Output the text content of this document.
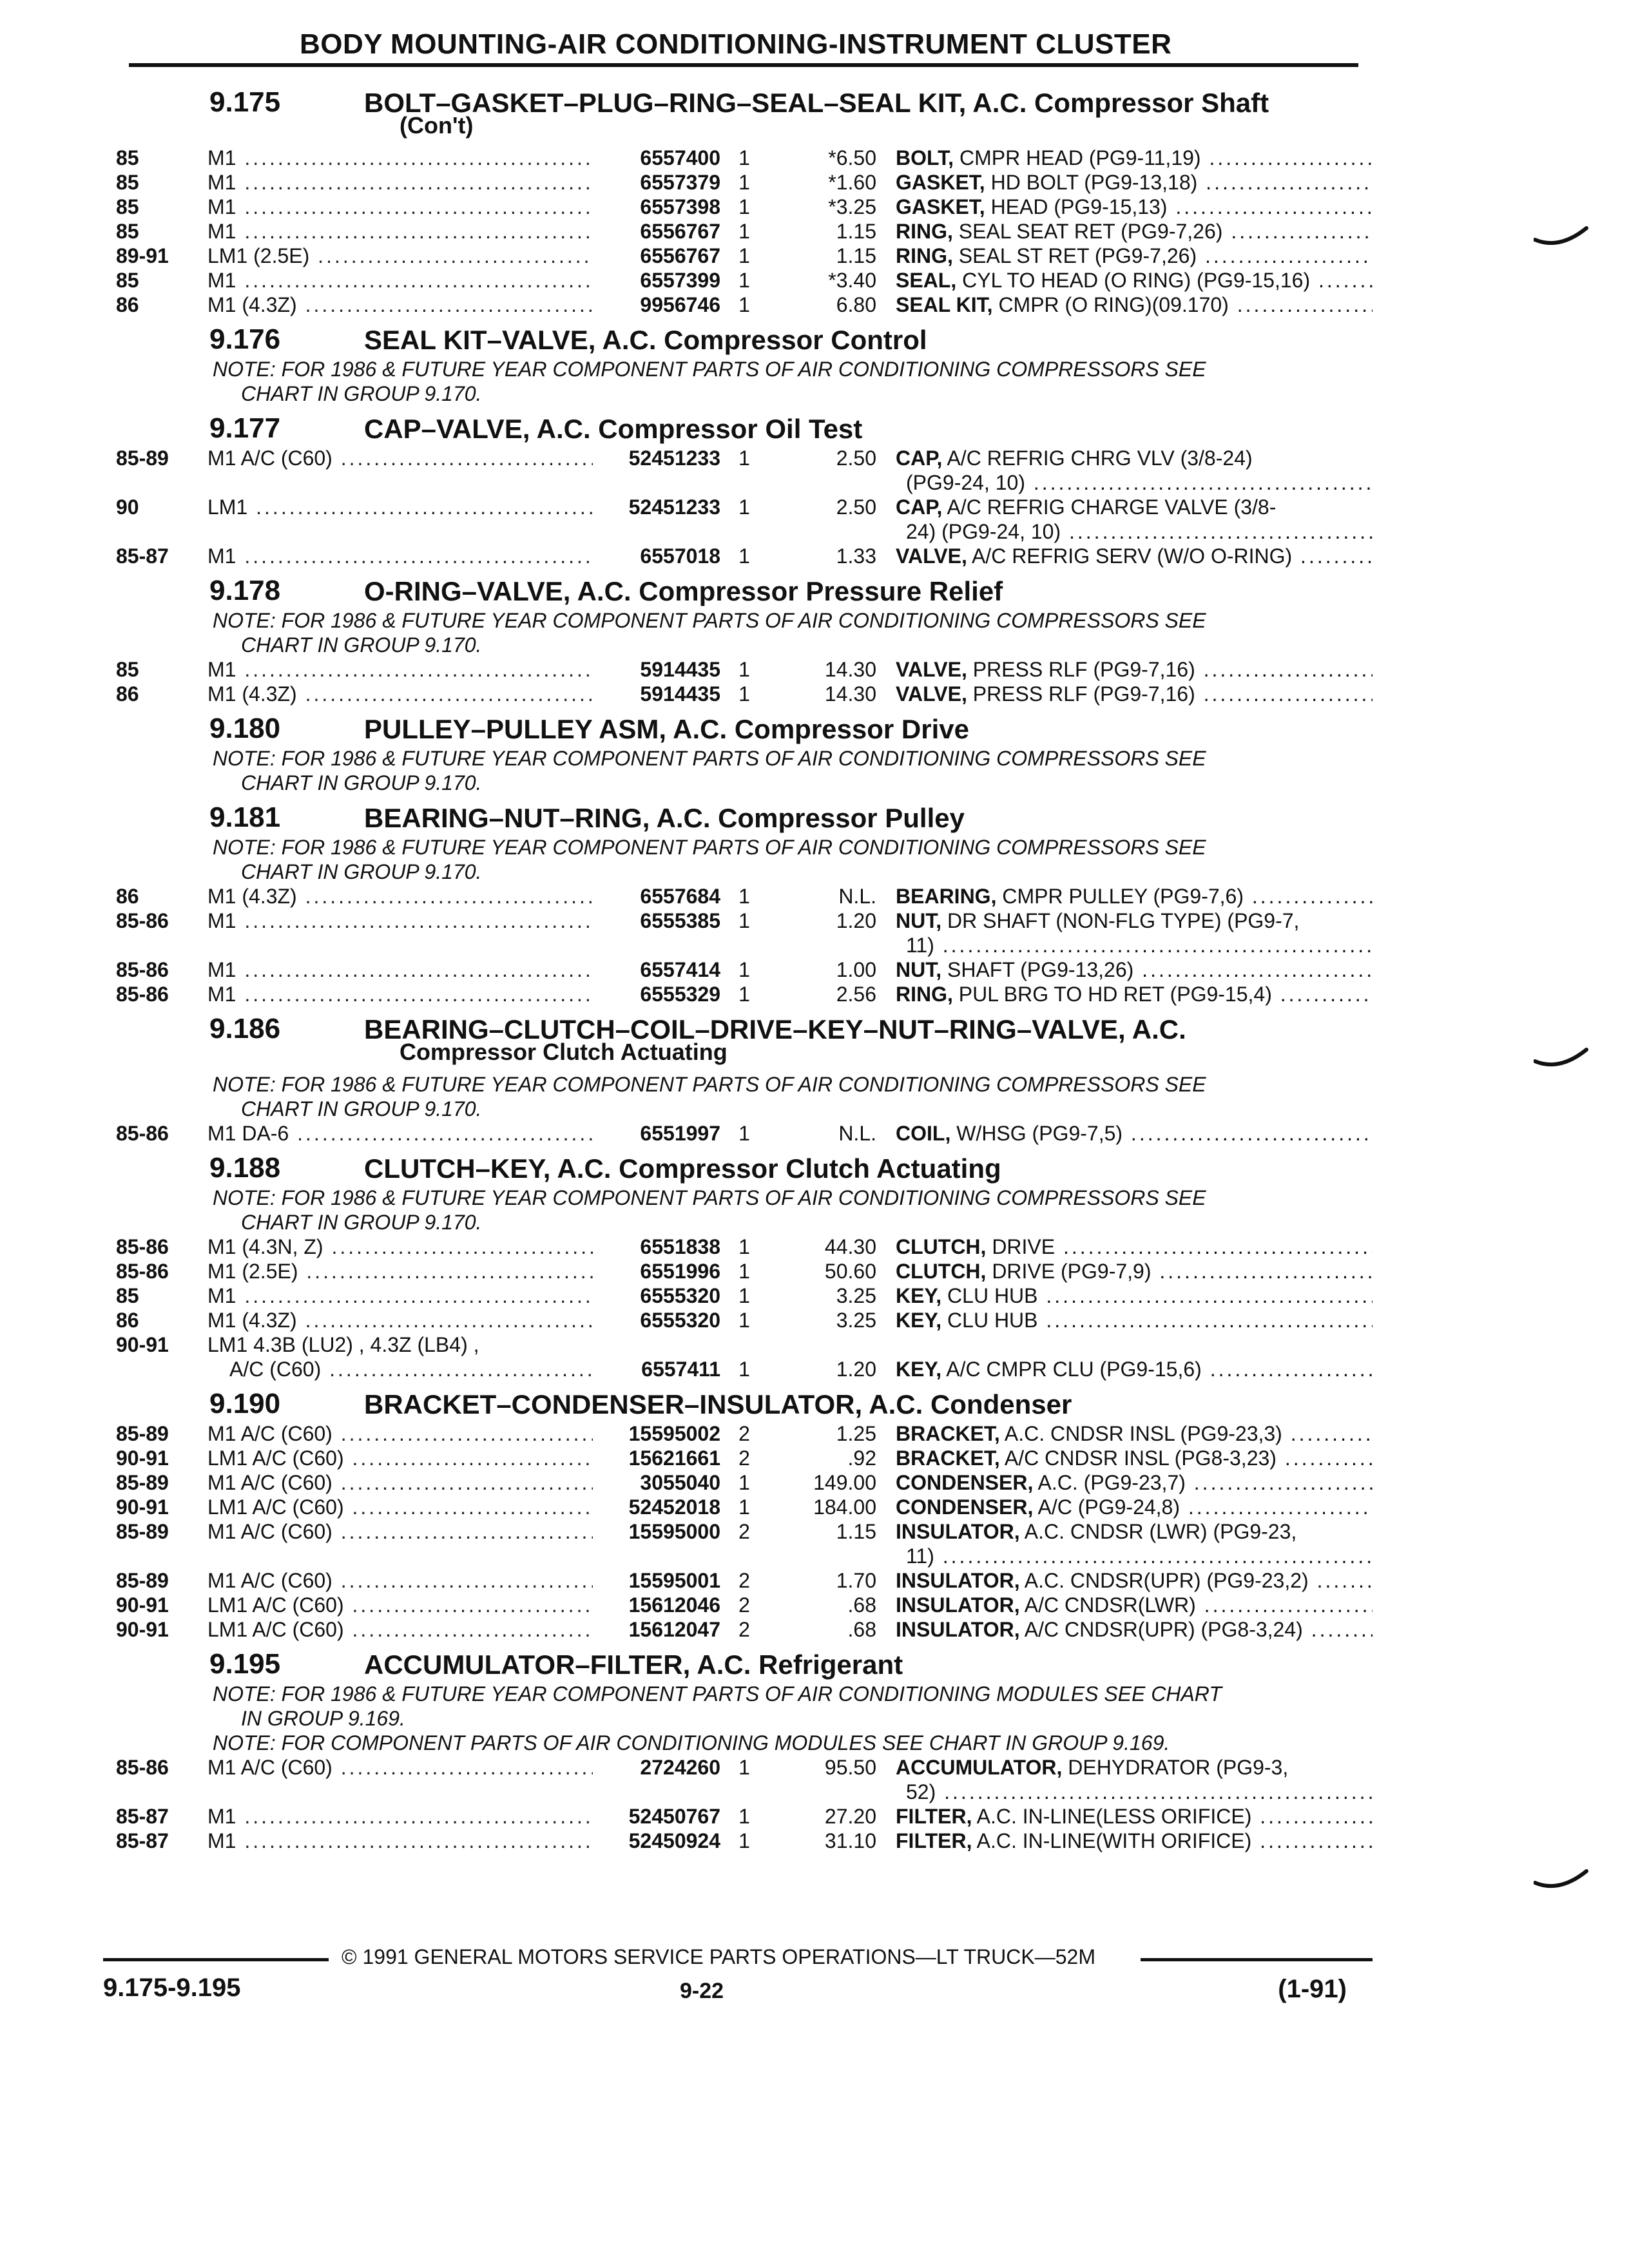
BODY MOUNTING-AIR CONDITIONING-INSTRUMENT CLUSTER
9.175	BOLT–GASKET–PLUG–RING–SEAL–SEAL KIT, A.C. Compressor Shaft
(Con't)
85	M1 .....	6557400 1	*6.50 BOLT, CMPR HEAD (PG9-11,19) .....
85	M1 .....	6557379 1	*1.60 GASKET, HD BOLT (PG9-13,18) .....
85	M1 .....	6557398 1	*3.25 GASKET, HEAD (PG9-15,13) .....
85	M1 .....	6556767 1	1.15 RING, SEAL SEAT RET (PG9-7,26) .....
89-91	LM1 (2.5E) .....	6556767 1	1.15 RING, SEAL ST RET (PG9-7,26) .....
85	M1 .....	6557399 1	*3.40 SEAL, CYL TO HEAD (O RING) (PG9-15,16) .....
86	M1 (4.3Z) .....	9956746 1	6.80 SEAL KIT, CMPR (O RING)(09.170) .....
9.176	SEAL KIT–VALVE, A.C. Compressor Control
NOTE: FOR 1986 & FUTURE YEAR COMPONENT PARTS OF AIR CONDITIONING COMPRESSORS SEE
CHART IN GROUP 9.170.
9.177	CAP–VALVE, A.C. Compressor Oil Test
85-89	M1 A/C (C60) .....	52451233 1	2.50 CAP, A/C REFRIG CHRG VLV (3/8-24)
(PG9-24, 10) .....
90	LM1 .....	52451233 1	2.50 CAP, A/C REFRIG CHARGE VALVE (3/8-
24) (PG9-24, 10) .....
85-87	M1 .....	6557018 1	1.33 VALVE, A/C REFRIG SERV (W/O O-RING) .....
9.178	O-RING–VALVE, A.C. Compressor Pressure Relief
NOTE: FOR 1986 & FUTURE YEAR COMPONENT PARTS OF AIR CONDITIONING COMPRESSORS SEE
CHART IN GROUP 9.170.
85	M1 .....	5914435 1	14.30 VALVE, PRESS RLF (PG9-7,16) .....
86	M1 (4.3Z) .....	5914435 1	14.30 VALVE, PRESS RLF (PG9-7,16) .....
9.180	PULLEY–PULLEY ASM, A.C. Compressor Drive
NOTE: FOR 1986 & FUTURE YEAR COMPONENT PARTS OF AIR CONDITIONING COMPRESSORS SEE
CHART IN GROUP 9.170.
9.181	BEARING–NUT–RING, A.C. Compressor Pulley
NOTE: FOR 1986 & FUTURE YEAR COMPONENT PARTS OF AIR CONDITIONING COMPRESSORS SEE
CHART IN GROUP 9.170.
86	M1 (4.3Z) .....	6557684 1	N.L. BEARING, CMPR PULLEY (PG9-7,6) .....
85-86	M1 .....	6555385 1	1.20 NUT, DR SHAFT (NON-FLG TYPE) (PG9-7,
11) .....
85-86	M1 .....	6557414 1	1.00 NUT, SHAFT (PG9-13,26) .....
85-86	M1 .....	6555329 1	2.56 RING, PUL BRG TO HD RET (PG9-15,4) .....
9.186	BEARING–CLUTCH–COIL–DRIVE–KEY–NUT–RING–VALVE, A.C.
Compressor Clutch Actuating
NOTE: FOR 1986 & FUTURE YEAR COMPONENT PARTS OF AIR CONDITIONING COMPRESSORS SEE
CHART IN GROUP 9.170.
85-86	M1 DA-6 .....	6551997 1	N.L. COIL, W/HSG (PG9-7,5) .....
9.188	CLUTCH–KEY, A.C. Compressor Clutch Actuating
NOTE: FOR 1986 & FUTURE YEAR COMPONENT PARTS OF AIR CONDITIONING COMPRESSORS SEE
CHART IN GROUP 9.170.
85-86	M1 (4.3N, Z) .....	6551838 1	44.30 CLUTCH, DRIVE .....
85-86	M1 (2.5E) .....	6551996 1	50.60 CLUTCH, DRIVE (PG9-7,9) .....
85	M1 .....	6555320 1	3.25 KEY, CLU HUB .....
86	M1 (4.3Z) .....	6555320 1	3.25 KEY, CLU HUB .....
90-91	LM1 4.3B (LU2) , 4.3Z (LB4) ,
A/C (C60) .....	6557411 1	1.20 KEY, A/C CMPR CLU (PG9-15,6) .....
9.190	BRACKET–CONDENSER–INSULATOR, A.C. Condenser
85-89	M1 A/C (C60) .....	15595002 2	1.25 BRACKET, A.C. CNDSR INSL (PG9-23,3) .....
90-91	LM1 A/C (C60) .....	15621661 2	.92 BRACKET, A/C CNDSR INSL (PG8-3,23) .....
85-89	M1 A/C (C60) .....	3055040 1	149.00 CONDENSER, A.C. (PG9-23,7) .....
90-91	LM1 A/C (C60) .....	52452018 1	184.00 CONDENSER, A/C (PG9-24,8) .....
85-89	M1 A/C (C60) .....	15595000 2	1.15 INSULATOR, A.C. CNDSR (LWR) (PG9-23,
11) .....
85-89	M1 A/C (C60) .....	15595001 2	1.70 INSULATOR, A.C. CNDSR(UPR) (PG9-23,2) .....
90-91	LM1 A/C (C60) .....	15612046 2	.68 INSULATOR, A/C CNDSR(LWR) .....
90-91	LM1 A/C (C60) .....	15612047 2	.68 INSULATOR, A/C CNDSR(UPR) (PG8-3,24) .....
9.195	ACCUMULATOR–FILTER, A.C. Refrigerant
NOTE: FOR 1986 & FUTURE YEAR COMPONENT PARTS OF AIR CONDITIONING MODULES SEE CHART
IN GROUP 9.169.
NOTE: FOR COMPONENT PARTS OF AIR CONDITIONING MODULES SEE CHART IN GROUP 9.169.
85-86	M1 A/C (C60) .....	2724260 1	95.50 ACCUMULATOR, DEHYDRATOR (PG9-3,
52) .....
85-87	M1 .....	52450767 1	27.20 FILTER, A.C. IN-LINE(LESS ORIFICE) .....
85-87	M1 .....	52450924 1	31.10 FILTER, A.C. IN-LINE(WITH ORIFICE) .....
© 1991 GENERAL MOTORS SERVICE PARTS OPERATIONS—LT TRUCK—52M
9.175-9.195	9-22	(1-91)
